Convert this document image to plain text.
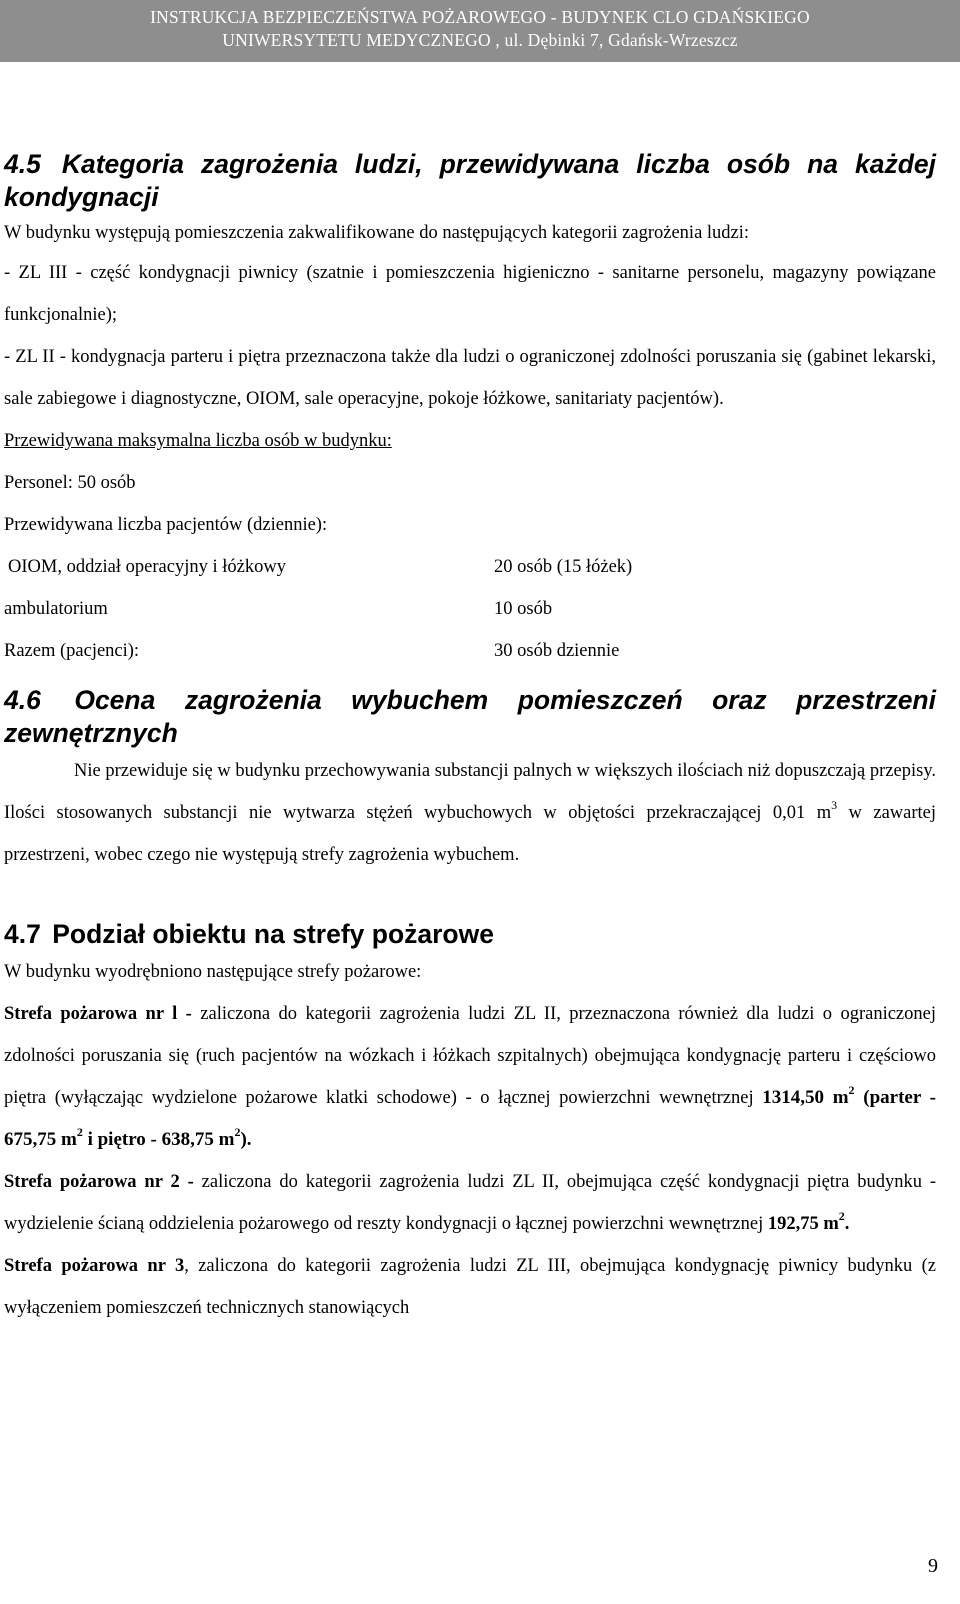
INSTRUKCJA BEZPIECZEŃSTWA POŻAROWEGO - BUDYNEK CLO GDAŃSKIEGO
UNIWERSYTETU MEDYCZNEGO , ul. Dębinki 7, Gdańsk-Wrzeszcz
4.5 Kategoria zagrożenia ludzi, przewidywana liczba osób na każdej kondygnacji

W budynku występują pomieszczenia zakwalifikowane do następujących kategorii zagrożenia ludzi:

- ZL III - część kondygnacji piwnicy (szatnie i pomieszczenia higieniczno - sanitarne personelu, magazyny powiązane funkcjonalnie);

- ZL II - kondygnacja parteru i piętra przeznaczona także dla ludzi o ograniczonej zdolności poruszania się (gabinet lekarski, sale zabiegowe i diagnostyczne, OIOM, sale operacyjne, pokoje łóżkowe, sanitariaty pacjentów).

Przewidywana maksymalna liczba osób w budynku:

Personel: 50 osób

Przewidywana liczba pacjentów (dziennie):

OIOM, oddział operacyjny i łóżkowy	20 osób (15 łóżek)
ambulatorium	10 osób
Razem (pacjenci):	30 osób dziennie
4.6 Ocena zagrożenia wybuchem pomieszczeń oraz przestrzeni zewnętrznych

Nie przewiduje się w budynku przechowywania substancji palnych w większych ilościach niż dopuszczają przepisy. Ilości stosowanych substancji nie wytwarza stężeń wybuchowych w objętości przekraczającej 0,01 $m^3$ w zawartej przestrzeni, wobec czego nie występują strefy zagrożenia wybuchem.

4.7 Podział obiektu na strefy pożarowe

W budynku wyodrębniono następujące strefy pożarowe:

Strefa pożarowa nr l - zaliczona do kategorii zagrożenia ludzi ZL II, przeznaczona również dla ludzi o ograniczonej zdolności poruszania się (ruch pacjentów na wózkach i łóżkach szpitalnych) obejmująca kondygnację parteru i częściowo piętra (wyłączając wydzielone pożarowe klatki schodowe) - o łącznej powierzchni wewnętrznej 1314,50 $m^2$ (parter - 675,75 $m^2$ i piętro - 638,75 $m^2$).

Strefa pożarowa nr 2 - zaliczona do kategorii zagrożenia ludzi ZL II, obejmująca część kondygnacji piętra budynku - wydzielenie ścianą oddzielenia pożarowego od reszty kondygnacji o łącznej powierzchni wewnętrznej 192,75 $m^2$.

Strefa pożarowa nr 3, zaliczona do kategorii zagrożenia ludzi ZL III, obejmująca kondygnację piwnicy budynku (z wyłączeniem pomieszczeń technicznych stanowiących

9
